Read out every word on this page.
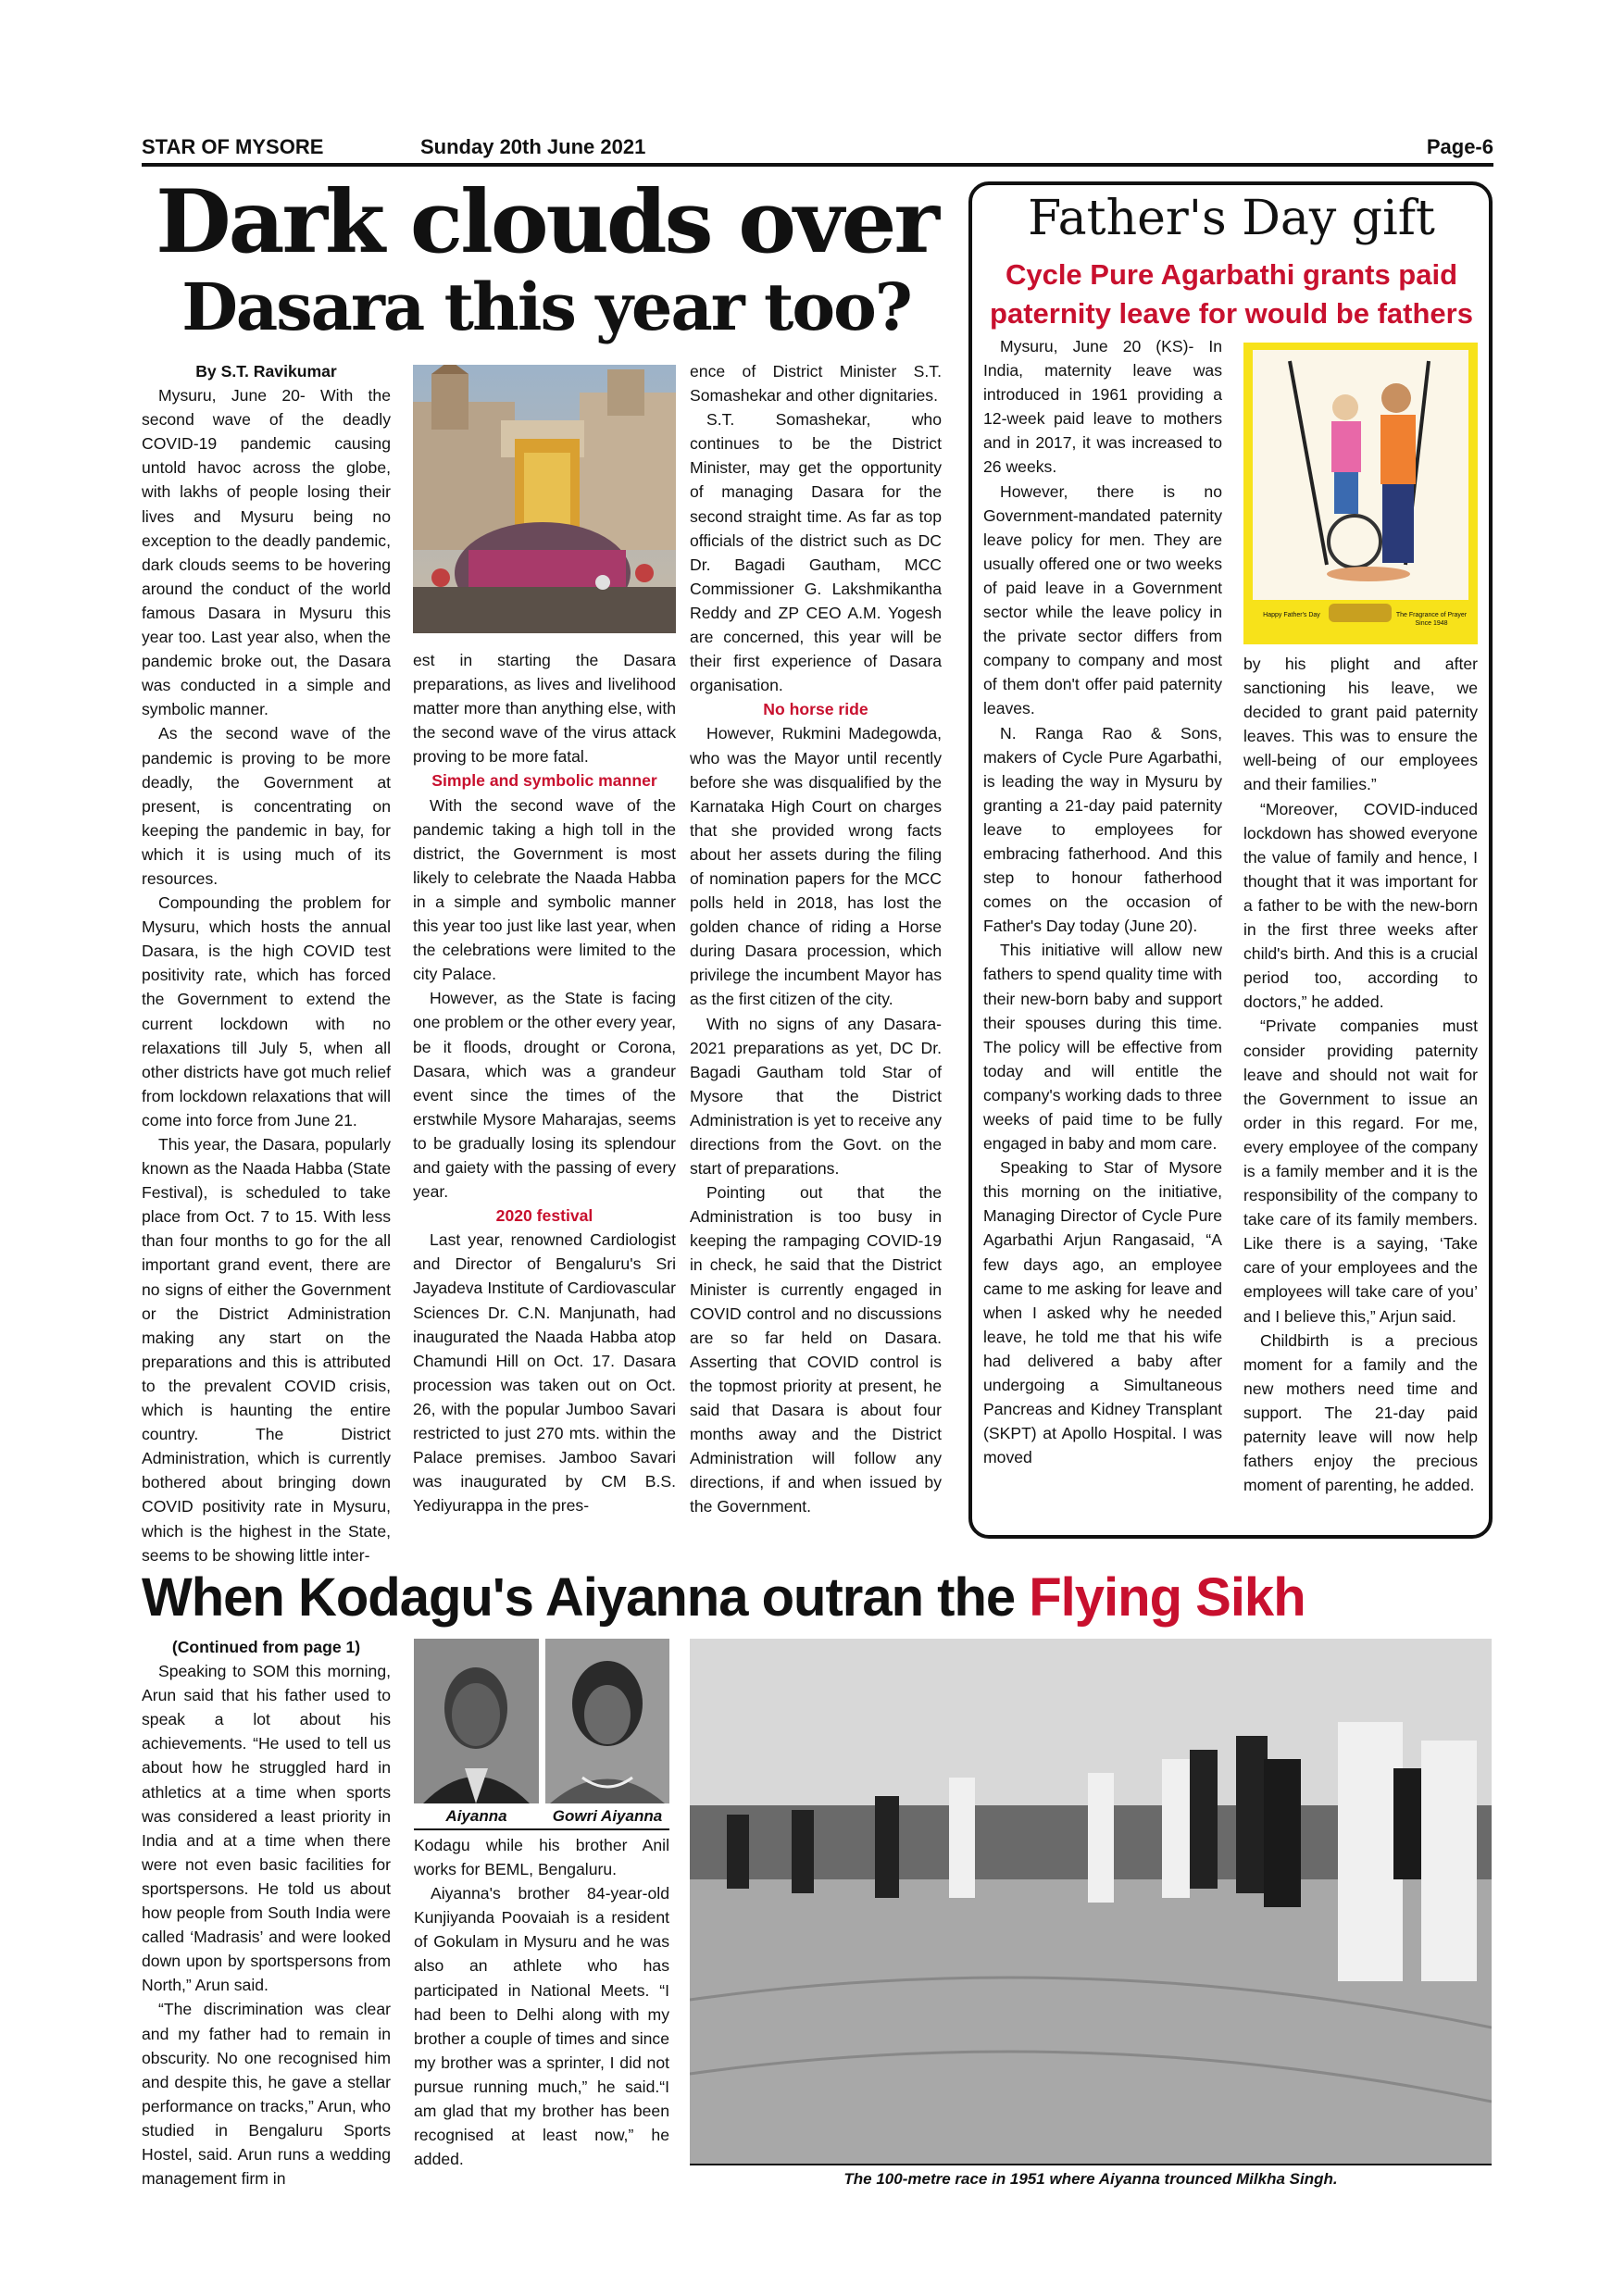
STAR OF MYSORE	Sunday 20th June 2021	Page-6
Dark clouds over
Dasara this year too?

By S.T. Ravikumar

Mysuru, June 20- With the second wave of the deadly COVID-19 pandemic causing untold havoc across the globe, with lakhs of people losing their lives and Mysuru being no exception to the deadly pandemic, dark clouds seems to be hovering around the conduct of the world famous Dasara in Mysuru this year too. Last year also, when the pandemic broke out, the Dasara was conducted in a simple and symbolic manner.

As the second wave of the pandemic is proving to be more deadly, the Government at present, is concentrating on keeping the pandemic in bay, for which it is using much of its resources.

Compounding the problem for Mysuru, which hosts the annual Dasara, is the high COVID test positivity rate, which has forced the Government to extend the current lockdown with no relaxations till July 5, when all other districts have got much relief from lockdown relaxations that will come into force from June 21.

This year, the Dasara, popularly known as the Naada Habba (State Festival), is scheduled to take place from Oct. 7 to 15. With less than four months to go for the all important grand event, there are no signs of either the Government or the District Administration making any start on the preparations and this is attributed to the prevalent COVID crisis, which is haunting the entire country. The District Administration, which is currently bothered about bringing down COVID positivity rate in Mysuru, which is the highest in the State, seems to be showing little inter-

est in starting the Dasara preparations, as lives and livelihood matter more than anything else, with the second wave of the virus attack proving to be more fatal.

Simple and symbolic manner

With the second wave of the pandemic taking a high toll in the district, the Government is most likely to celebrate the Naada Habba in a simple and symbolic manner this year too just like last year, when the celebrations were limited to the city Palace.

However, as the State is facing one problem or the other every year, be it floods, drought or Corona, Dasara, which was a grandeur event since the times of the erstwhile Mysore Maharajas, seems to be gradually losing its splendour and gaiety with the passing of every year.

2020 festival

Last year, renowned Cardiologist and Director of Bengaluru's Sri Jayadeva Institute of Cardiovascular Sciences Dr. C.N. Manjunath, had inaugurated the Naada Habba atop Chamundi Hill on Oct. 17. Dasara procession was taken out on Oct. 26, with the popular Jumboo Savari restricted to just 270 mts. within the Palace premises. Jamboo Savari was inaugurated by CM B.S. Yediyurappa in the pres-

ence of District Minister S.T. Somashekar and other dignitaries.

S.T. Somashekar, who continues to be the District Minister, may get the opportunity of managing Dasara for the second straight time. As far as top officials of the district such as DC Dr. Bagadi Gautham, MCC Commissioner G. Lakshmikantha Reddy and ZP CEO A.M. Yogesh are concerned, this year will be their first experience of Dasara organisation.

No horse ride

However, Rukmini Madegowda, who was the Mayor until recently before she was disqualified by the Karnataka High Court on charges that she provided wrong facts about her assets during the filing of nomination papers for the MCC polls held in 2018, has lost the golden chance of riding a Horse during Dasara procession, which privilege the incumbent Mayor has as the first citizen of the city.

With no signs of any Dasara-2021 preparations as yet, DC Dr. Bagadi Gautham told Star of Mysore that the District Administration is yet to receive any directions from the Govt. on the start of preparations.

Pointing out that the Administration is too busy in keeping the rampaging COVID-19 in check, he said that the District Minister is currently engaged in COVID control and no discussions are so far held on Dasara. Asserting that COVID control is the topmost priority at present, he said that Dasara is about four months away and the District Administration will follow any directions, if and when issued by the Government.

Father's Day gift
Cycle Pure Agarbathi grants paid paternity leave for would be fathers

Mysuru, June 20 (KS)- In India, maternity leave was introduced in 1961 providing a 12-week paid leave to mothers and in 2017, it was increased to 26 weeks.

However, there is no Government-mandated paternity leave policy for men. They are usually offered one or two weeks of paid leave in a Government sector while the leave policy in the private sector differs from company to company and most of them don't offer paid paternity leaves.

N. Ranga Rao & Sons, makers of Cycle Pure Agarbathi, is leading the way in Mysuru by granting a 21-day paid paternity leave to employees for embracing fatherhood. And this step to honour fatherhood comes on the occasion of Father's Day today (June 20).

This initiative will allow new fathers to spend quality time with their new-born baby and support their spouses during this time. The policy will be effective from today and will entitle the company's working dads to three weeks of paid time to be fully engaged in baby and mom care.

Speaking to Star of Mysore this morning on the initiative, Managing Director of Cycle Pure Agarbathi Arjun Rangasaid, “A few days ago, an employee came to me asking for leave and when I asked why he needed leave, he told me that his wife had delivered a baby after undergoing a Simultaneous Pancreas and Kidney Transplant (SKPT) at Apollo Hospital. I was moved

Happy Father's Day	The Fragrance of Prayer Since 1948

by his plight and after sanctioning his leave, we decided to grant paid paternity leaves. This was to ensure the well-being of our employees and their families.”

“Moreover, COVID-induced lockdown has showed everyone the value of family and hence, I thought that it was important for a father to be with the new-born in the first three weeks after child's birth. And this is a crucial period too, according to doctors,” he added.

“Private companies must consider providing paternity leave and should not wait for the Government to issue an order in this regard. For me, every employee of the company is a family member and it is the responsibility of the company to take care of its family members. Like there is a saying, ‘Take care of your employees and the employees will take care of you’ and I believe this,” Arjun said.

Childbirth is a precious moment for a family and the new mothers need time and support. The 21-day paid paternity leave will now help fathers enjoy the precious moment of parenting, he added.

When Kodagu's Aiyanna outran the Flying Sikh

(Continued from page 1)

Speaking to SOM this morning, Arun said that his father used to speak a lot about his achievements. “He used to tell us about how he struggled hard in athletics at a time when sports was considered a least priority in India and at a time when there were not even basic facilities for sportspersons. He told us about how people from South India were called ‘Madrasis’ and were looked down upon by sportspersons from North,” Arun said.

“The discrimination was clear and my father had to remain in obscurity. No one recognised him and despite this, he gave a stellar performance on tracks,” Arun, who studied in Bengaluru Sports Hostel, said. Arun runs a wedding management firm in

Aiyanna	Gowri Aiyanna

Kodagu while his brother Anil works for BEML, Bengaluru.

Aiyanna's brother 84-year-old Kunjiyanda Poovaiah is a resident of Gokulam in Mysuru and he was also an athlete who has participated in National Meets. “I had been to Delhi along with my brother a couple of times and since my brother was a sprinter, I did not pursue running much,” he said.“I am glad that my brother has been recognised at least now,” he added.

The 100-metre race in 1951 where Aiyanna trounced Milkha Singh.
